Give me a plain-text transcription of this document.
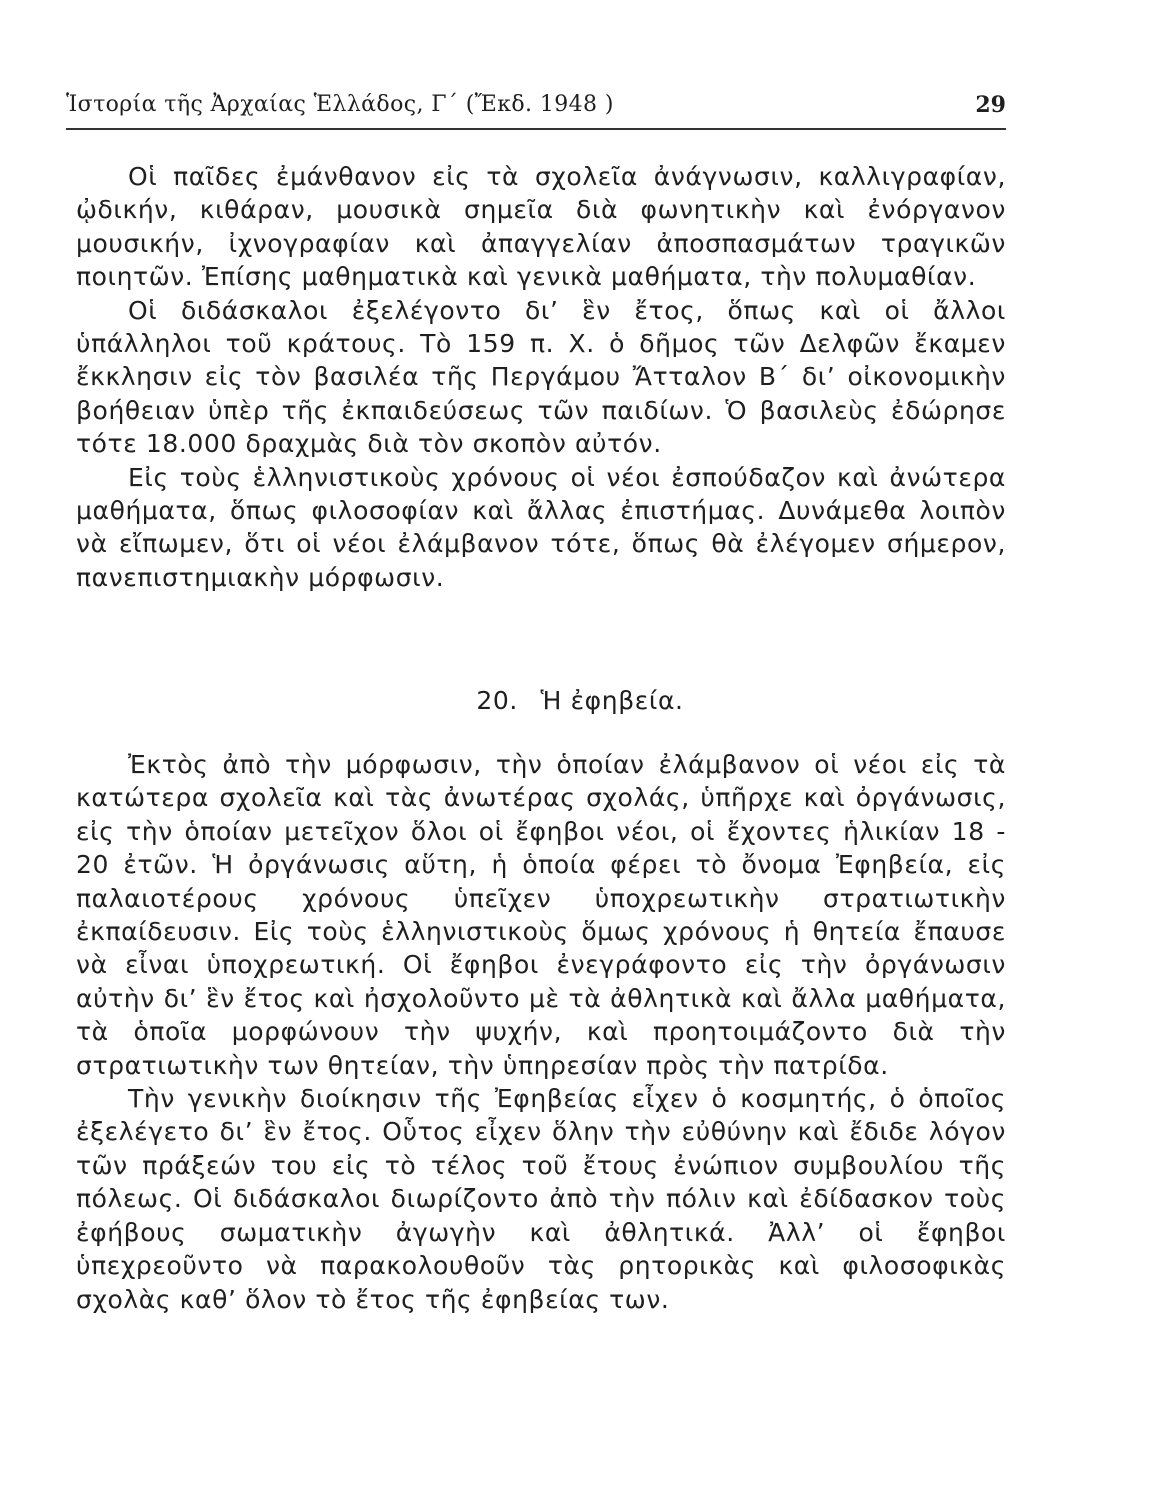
Ἱστορία τῆς Ἀρχαίας Ἑλλάδος, Γ΄ (Ἔκδ. 1948 )	29

Οἱ παῖδες ἐμάνθανον εἰς τὰ σχολεῖα ἀνάγνωσιν, καλλιγραφίαν, ᾠδικήν, κιθάραν, μουσικὰ σημεῖα διὰ φωνητικὴν καὶ ἐνόργανον μουσικήν, ἰχνογραφίαν καὶ ἀπαγγελίαν ἀποσπασμάτων τραγικῶν ποιητῶν. Ἐπίσης μαθηματικὰ καὶ γενικὰ μαθήματα, τὴν πολυμαθίαν.

Οἱ διδάσκαλοι ἐξελέγοντο δι’ ἓν ἔτος, ὅπως καὶ οἱ ἄλλοι ὑπάλληλοι τοῦ κράτους. Τὸ 159 π. Χ. ὁ δῆμος τῶν Δελφῶν ἔκαμεν ἔκκλησιν εἰς τὸν βασιλέα τῆς Περγάμου Ἄτταλον Β΄ δι’ οἰκονομικὴν βοήθειαν ὑπὲρ τῆς ἐκπαιδεύσεως τῶν παιδίων. Ὁ βασιλεὺς ἐδώρησε τότε 18.000 δραχμὰς διὰ τὸν σκοπὸν αὐτόν.

Εἰς τοὺς ἑλληνιστικοὺς χρόνους οἱ νέοι ἐσπούδαζον καὶ ἀνώτερα μαθήματα, ὅπως φιλοσοφίαν καὶ ἄλλας ἐπιστήμας. Δυνάμεθα λοιπὸν νὰ εἴπωμεν, ὅτι οἱ νέοι ἐλάμβανον τότε, ὅπως θὰ ἐλέγομεν σήμερον, πανεπιστημιακὴν μόρφωσιν.

20. Ἡ ἐφηβεία.

Ἐκτὸς ἀπὸ τὴν μόρφωσιν, τὴν ὁποίαν ἐλάμβανον οἱ νέοι εἰς τὰ κατώτερα σχολεῖα καὶ τὰς ἀνωτέρας σχολάς, ὑπῆρχε καὶ ὀργάνωσις, εἰς τὴν ὁποίαν μετεῖχον ὅλοι οἱ ἔφηβοι νέοι, οἱ ἔχοντες ἡλικίαν 18 - 20 ἐτῶν. Ἡ ὀργάνωσις αὕτη, ἡ ὁποία φέρει τὸ ὄνομα Ἐφηβεία, εἰς παλαιοτέρους χρόνους ὑπεῖχεν ὑποχρεωτικὴν στρατιωτικὴν ἐκπαίδευσιν. Εἰς τοὺς ἑλληνιστικοὺς ὅμως χρόνους ἡ θητεία ἔπαυσε νὰ εἶναι ὑποχρεωτική. Οἱ ἔφηβοι ἐνεγράφοντο εἰς τὴν ὀργάνωσιν αὐτὴν δι’ ἓν ἔτος καὶ ἠσχολοῦντο μὲ τὰ ἀθλητικὰ καὶ ἄλλα μαθήματα, τὰ ὁποῖα μορφώνουν τὴν ψυχήν, καὶ προητοιμάζοντο διὰ τὴν στρατιωτικὴν των θητείαν, τὴν ὑπηρεσίαν πρὸς τὴν πατρίδα.

Τὴν γενικὴν διοίκησιν τῆς Ἐφηβείας εἶχεν ὁ κοσμητής, ὁ ὁποῖος ἐξελέγετο δι’ ἓν ἔτος. Οὗτος εἶχεν ὅλην τὴν εὐθύνην καὶ ἔδιδε λόγον τῶν πράξεών του εἰς τὸ τέλος τοῦ ἔτους ἐνώπιον συμβουλίου τῆς πόλεως. Οἱ διδάσκαλοι διωρίζοντο ἀπὸ τὴν πόλιν καὶ ἐδίδασκον τοὺς ἐφήβους σωματικὴν ἀγωγὴν καὶ ἀθλητικά. Ἀλλ’ οἱ ἔφηβοι ὑπεχρεοῦντο νὰ παρακολουθοῦν τὰς ρητορικὰς καὶ φιλοσοφικὰς σχολὰς καθ’ ὅλον τὸ ἔτος τῆς ἐφηβείας των.
